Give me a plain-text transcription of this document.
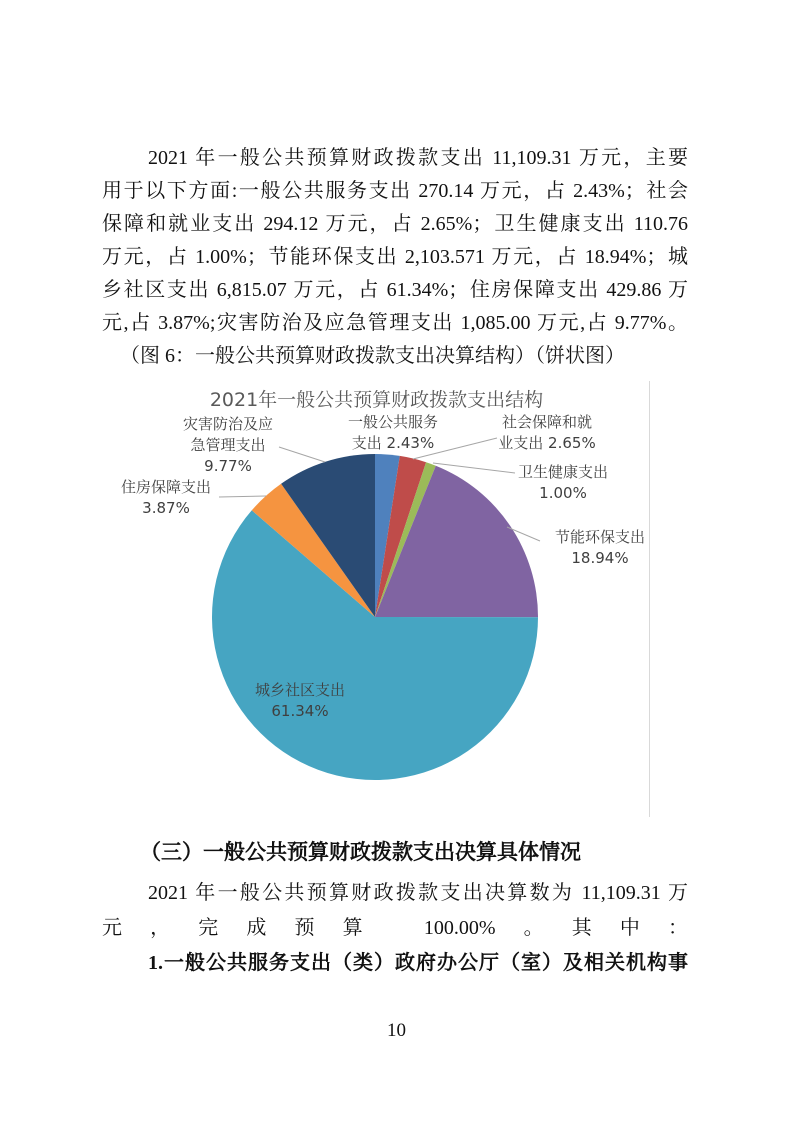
2021 年一般公共预算财政拨款支出 11,109.31 万元，主要
用于以下方面:一般公共服务支出 270.14 万元，占 2.43%；社会
保障和就业支出 294.12 万元，占 2.65%；卫生健康支出 110.76
万元，占 1.00%；节能环保支出 2,103.571 万元，占 18.94%；城
乡社区支出 6,815.07 万元，占 61.34%；住房保障支出 429.86 万
元,占 3.87%;灾害防治及应急管理支出 1,085.00 万元,占 9.77%。
（图 6：一般公共预算财政拨款支出决算结构）（饼状图）
2021年一般公共预算财政拨款支出结构
一般公共服务
支出 2.43%
社会保障和就
业支出 2.65%
卫生健康支出
1.00%
节能环保支出
18.94%
城乡社区支出
61.34%
住房保障支出
3.87%
灾害防治及应
急管理支出
9.77%
（三）一般公共预算财政拨款支出决算具体情况
2021 年一般公共预算财政拨款支出决算数为 11,109.31 万
元，完成预算 100.00%。其中：
1.一般公共服务支出（类）政府办公厅（室）及相关机构事
10
